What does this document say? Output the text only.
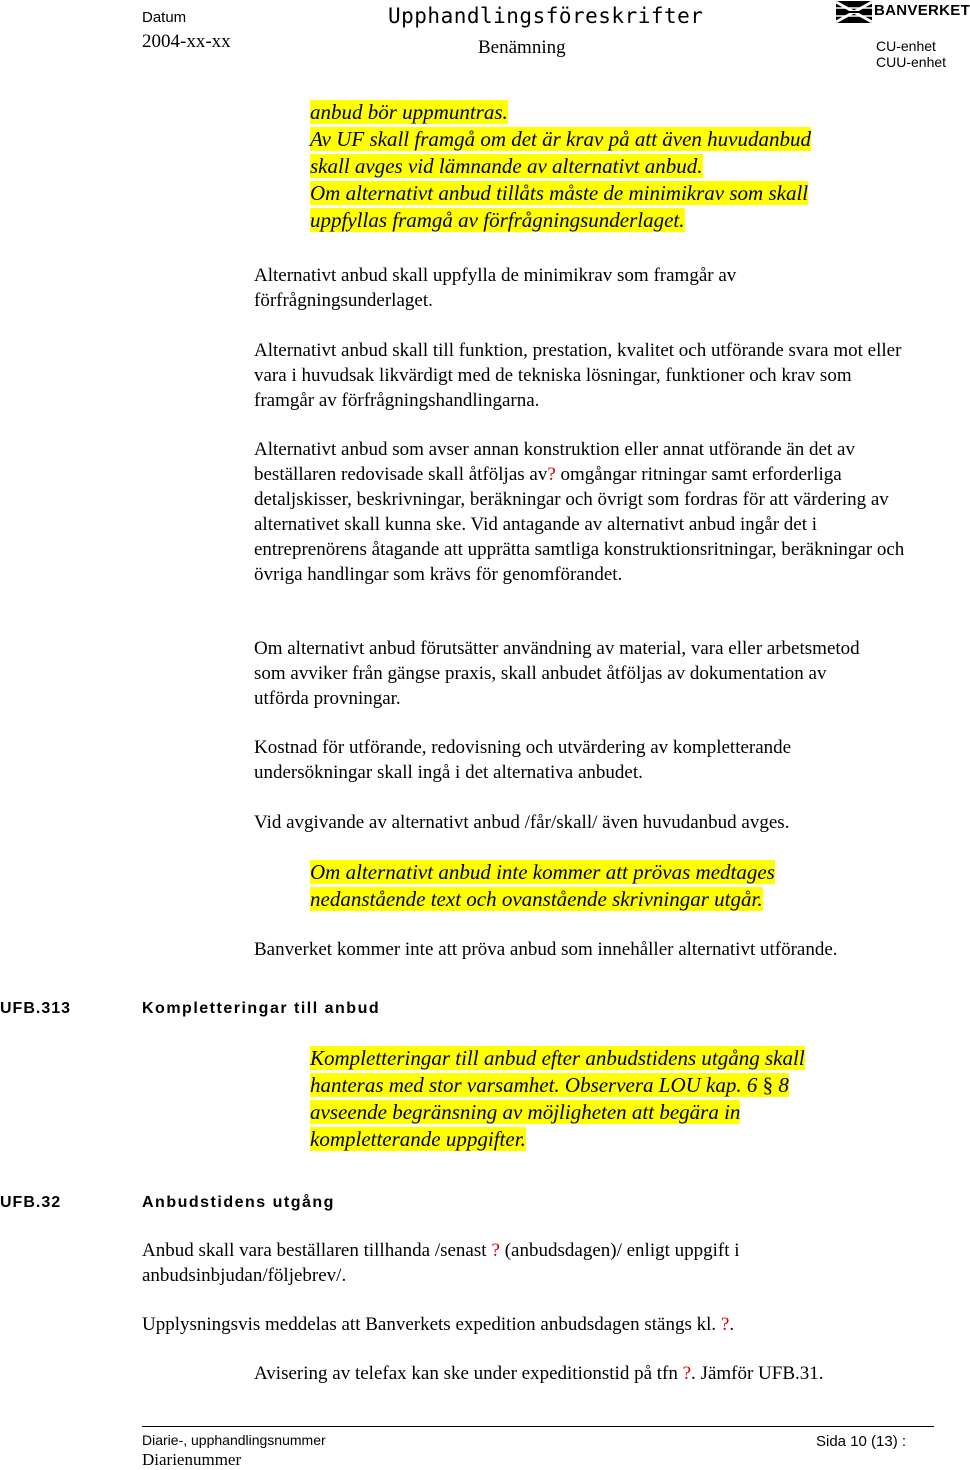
Datum
2004-xx-xx
Upphandlingsföreskrifter
Benämning
BANVERKET
CU-enhet
CUU-enhet
anbud bör uppmuntras.
Av UF skall framgå om det är krav på att även huvudanbud
skall avges vid lämnande av alternativt anbud.
Om alternativt anbud tillåts måste de minimikrav som skall
uppfyllas framgå av förfrågningsunderlaget.

Alternativt anbud skall uppfylla de minimikrav som framgår av förfrågningsunderlaget.

Alternativt anbud skall till funktion, prestation, kvalitet och utförande svara mot eller vara i huvudsak likvärdigt med de tekniska lösningar, funktioner och krav som framgår av förfrågningshandlingarna.

Alternativt anbud som avser annan konstruktion eller annat utförande än det av beställaren redovisade skall åtföljas av? omgångar ritningar samt erforderliga detaljskisser, beskrivningar, beräkningar och övrigt som fordras för att värdering av alternativet skall kunna ske. Vid antagande av alternativt anbud ingår det i entreprenörens åtagande att upprätta samtliga konstruktionsritningar, beräkningar och övriga handlingar som krävs för genomförandet.

Om alternativt anbud förutsätter användning av material, vara eller arbetsmetod som avviker från gängse praxis, skall anbudet åtföljas av dokumentation av utförda provningar.

Kostnad för utförande, redovisning och utvärdering av kompletterande undersökningar skall ingå i det alternativa anbudet.

Vid avgivande av alternativt anbud /får/skall/ även huvudanbud avges.

Om alternativt anbud inte kommer att prövas medtages
nedanstående text och ovanstående skrivningar utgår.

Banverket kommer inte att pröva anbud som innehåller alternativt utförande.

UFB.313	Kompletteringar till anbud
Kompletteringar till anbud efter anbudstidens utgång skall
hanteras med stor varsamhet. Observera LOU kap. 6 § 8
avseende begränsning av möjligheten att begära in
kompletterande uppgifter.
UFB.32	Anbudstidens utgång
Anbud skall vara beställaren tillhanda /senast ? (anbudsdagen)/ enligt uppgift i
anbudsinbjudan/följebrev/.

Upplysningsvis meddelas att Banverkets expedition anbudsdagen stängs kl. ?.

Avisering av telefax kan ske under expeditionstid på tfn ?. Jämför UFB.31.

Diarie-, upphandlingsnummer
Diarienummer
Sida 10 (13) :
